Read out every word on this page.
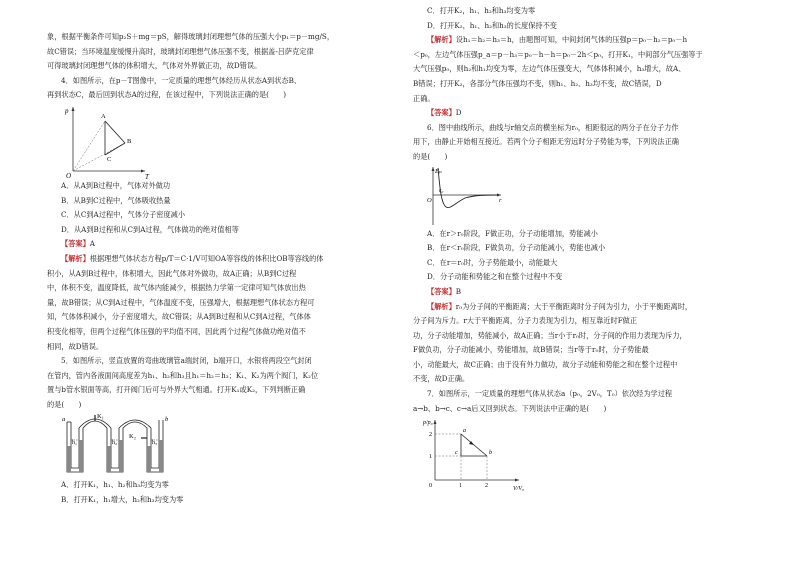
象，根据平衡条件可知p₂S＋mg＝pS，解得玻璃封闭理想气体的压强大小p₁＝p－mg/S，

故C错误；当环境温度缓慢升高时，玻璃封闭理想气体压强不变，根据盖-吕萨克定律

可得玻璃封闭理想气体的体积增大，气体对外界做正功，故D错误。

4．如图所示，在p－T图像中，一定质量的理想气体经历从状态A到状态B、

再到状态C，最后回到状态A的过程，在该过程中，下列说法正确的是(　　)

p
T
O
A
B
C

A．从A到B过程中，气体对外做功

B．从B到C过程中，气体吸收热量

C．从C到A过程中，气体分子密度减小

D．从A到B过程和从C到A过程，气体做功的绝对值相等

【答案】A

【解析】根据理想气体状态方程p/T＝C·1/V可知OA等容线的体积比OB等容线的体

积小，从A到B过程中，体积增大，因此气体对外做功，故A正确；从B到C过程

中，体积不变，温度降低，故气体内能减少，根据热力学第一定律可知气体放出热

量，故B错误；从C到A过程中，气体温度不变，压强增大，根据理想气体状态方程可

知，气体体积减小，分子密度增大，故C错误；从A到B过程和从C到A过程，气体体

积变化相等，但两个过程气体压强的平均值不同，因此两个过程气体做功绝对值不

相同，故D错误。

5．如图所示，竖直放置的弯曲玻璃管a端封闭，b端开口，水银将两段空气封闭

在管内，管内各液面间高度差为h₁、h₂和h₃且h₁＝h₂＝h₃；K₁、K₂为两个阀门，K₂位

置与b管水银面等高，打开阀门后可与外界大气相通。打开K₁或K₂，下列判断正确

的是(　　)

a	b
K₁
K₂
h₁	h₂	h₃

A．打开K₁，h₁、h₂和h₃均变为零

B．打开K₁，h₁增大，h₂和h₃均变为零

C．打开K₂，h₁、h₂和h₃均变为零

D．打开K₂，h₁、h₂和h₃的长度保持不变

【解析】设h₁＝h₂＝h₃＝h，由题图可知，中间封闭气体的压强p＝p₀－h₂＝p₀－h

＜p₀，左边气体压强p_a＝p－h₃＝p₀－h－h＝p₀－2h＜p₀，打开K₁，中间部分气压强等于

大气压强p₀，则h₂和h₁均变为零，左边气体压强变大，气体体积减小，h₃增大，故A、

B错误；打开K₂，各部分气体压强均不变，则h₁、h₂、h₃均不变，故C错误，D

正确。

【答案】D

6．图中曲线所示，曲线与r轴交点的横坐标为r₀，相距很远的两分子在分子力作

用下，由静止开始相互接近。若两个分子相距无穷远时分子势能为零，下列说法正确

的是(　　)

Eₚ
r
O
r₀

A．在r＞r₀阶段，F做正功，分子动能增加，势能减小

B．在r＜r₀阶段，F做负功，分子动能减小，势能也减小

C．在r＝r₀时，分子势能最小，动能最大

D．分子动能和势能之和在整个过程中不变

【答案】B

【解析】r₀为分子间的平衡距离；大于平衡距离时分子间为引力，小于平衡距离时，

分子间为斥力。r大于平衡距离，分子力表现为引力，相互靠近时F做正

功，分子动能增加，势能减小，故A正确；当r小于r₀时，分子间的作用力表现为斥力，

F做负功，分子动能减小，势能增加，故B错误；当r等于r₀时，分子势能最

小，动能最大，故C正确；由于没有外力做功，故分子动能和势能之和在整个过程中

不变，故D正确。

7．如图所示，一定质量的理想气体从状态a（p₀，2V₀，T₀）依次经为学过程

a→b、b→c、c→a后又回到状态。下列说法中正确的是(　　)

p/p₀
V/V₀
0
1
2
1	2
a
b
c
